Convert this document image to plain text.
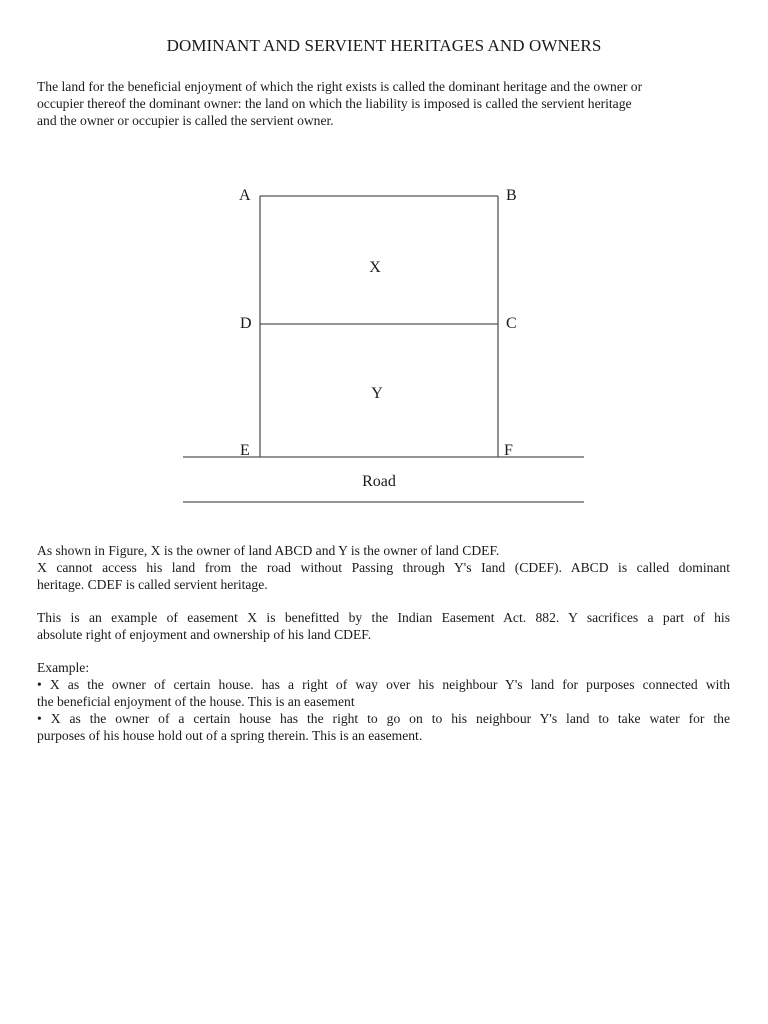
DOMINANT AND SERVIENT HERITAGES AND OWNERS
The land for the beneficial enjoyment of which the right exists is called the dominant heritage and the owner or
occupier thereof the dominant owner: the land on which the liability is imposed is called the servient heritage
and the owner or occupier is called the servient owner.
A	B
D	C
E	F
X
Y
Road
As shown in Figure, X is the owner of land ABCD and Y is the owner of land CDEF.
X cannot access his land from the road without Passing through Y's Iand (CDEF). ABCD is called dominant
heritage. CDEF is called servient heritage.
This is an example of easement X is benefitted by the Indian Easement Act. 882. Y sacrifices a part of his
absolute right of enjoyment and ownership of his land CDEF.
Example:
• X as the owner of certain house. has a right of way over his neighbour Y's land for purposes connected with
the beneficial enjoyment of the house. This is an easement
• X as the owner of a certain house has the right to go on to his neighbour Y's land to take water for the
purposes of his house hold out of a spring therein. This is an easement.
